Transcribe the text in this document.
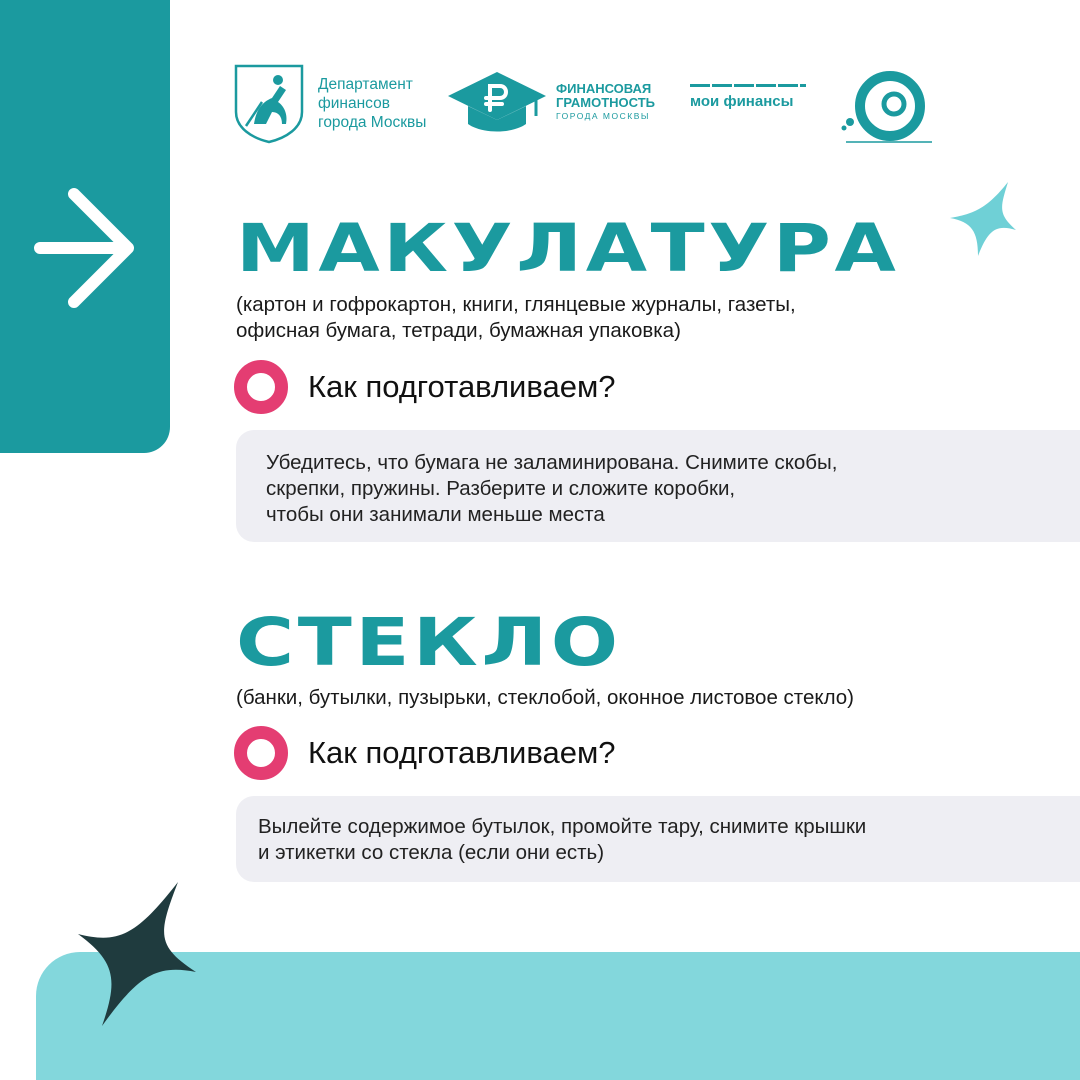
Департамент
финансов
города Москвы
ФИНАНСОВАЯ
ГРАМОТНОСТЬ
ГОРОДА МОСКВЫ
мои финансы
МАКУЛАТУРА
(картон и гофрокартон, книги, глянцевые журналы, газеты,
офисная бумага, тетради, бумажная упаковка)
Как подготавливаем?
Убедитесь, что бумага не заламинирована. Снимите скобы,
скрепки, пружины. Разберите и сложите коробки,
чтобы они занимали меньше места
СТЕКЛО
(банки, бутылки, пузырьки, стеклобой, оконное листовое стекло)
Как подготавливаем?
Вылейте содержимое бутылок, промойте тару, снимите крышки
и этикетки со стекла (если они есть)
